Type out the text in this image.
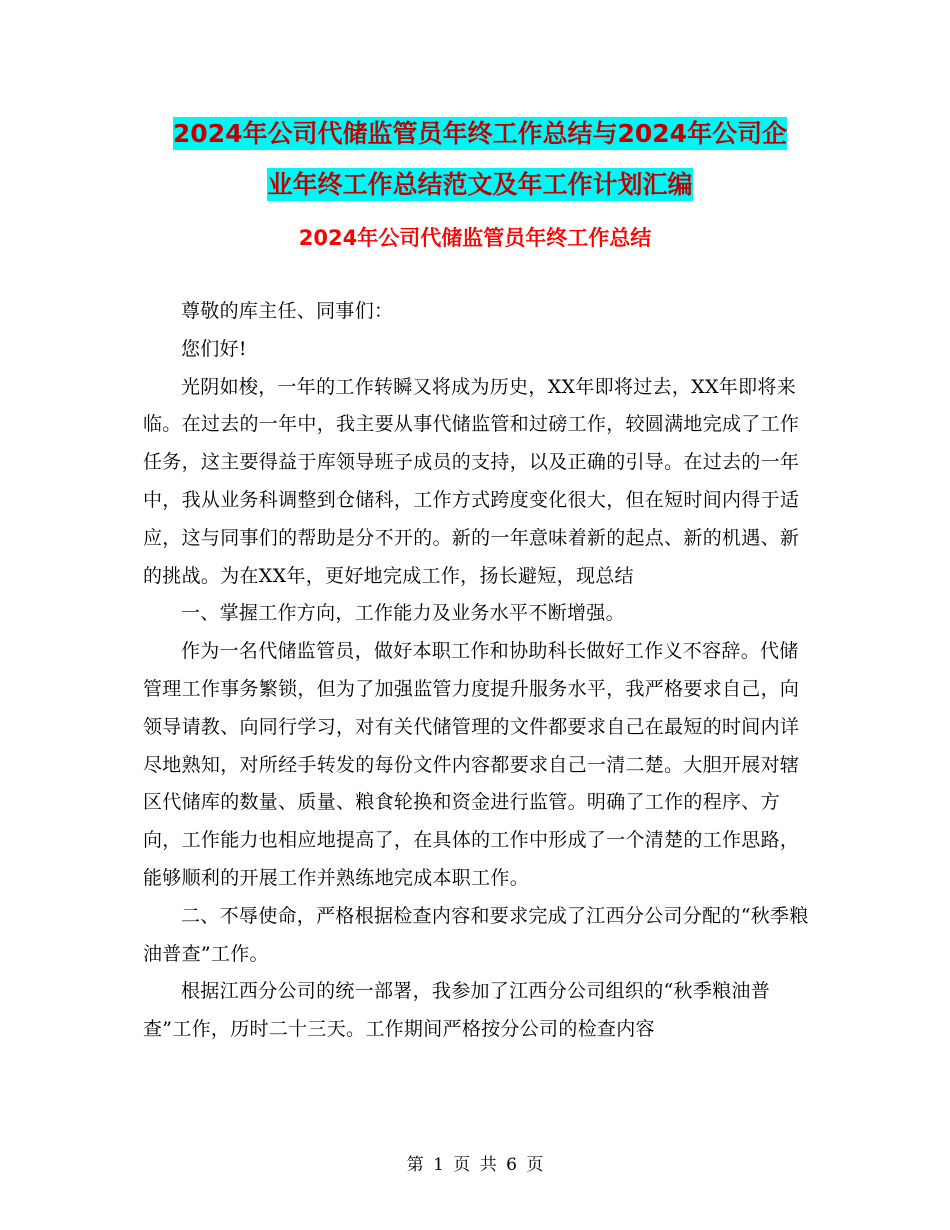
2024年公司代储监管员年终工作总结与2024年公司企
业年终工作总结范文及年工作计划汇编
2024年公司代储监管员年终工作总结

尊敬的库主任、同事们：

您们好!

光阴如梭，一年的工作转瞬又将成为历史，XX年即将过去，XX年即将来临。在过去的一年中，我主要从事代储监管和过磅工作，较圆满地完成了工作任务，这主要得益于库领导班子成员的支持，以及正确的引导。在过去的一年中，我从业务科调整到仓储科，工作方式跨度变化很大，但在短时间内得于适应，这与同事们的帮助是分不开的。新的一年意味着新的起点、新的机遇、新的挑战。为在XX年，更好地完成工作，扬长避短，现总结

一、掌握工作方向，工作能力及业务水平不断增强。

作为一名代储监管员，做好本职工作和协助科长做好工作义不容辞。代储管理工作事务繁锁，但为了加强监管力度提升服务水平，我严格要求自己，向领导请教、向同行学习，对有关代储管理的文件都要求自己在最短的时间内详尽地熟知，对所经手转发的每份文件内容都要求自己一清二楚。大胆开展对辖区代储库的数量、质量、粮食轮换和资金进行监管。明确了工作的程序、方向，工作能力也相应地提高了，在具体的工作中形成了一个清楚的工作思路，能够顺利的开展工作并熟练地完成本职工作。

二、不辱使命，严格根据检查内容和要求完成了江西分公司分配的“秋季粮油普查”工作。

根据江西分公司的统一部署，我参加了江西分公司组织的“秋季粮油普查”工作，历时二十三天。工作期间严格按分公司的检查内容

第 1 页 共 6 页
